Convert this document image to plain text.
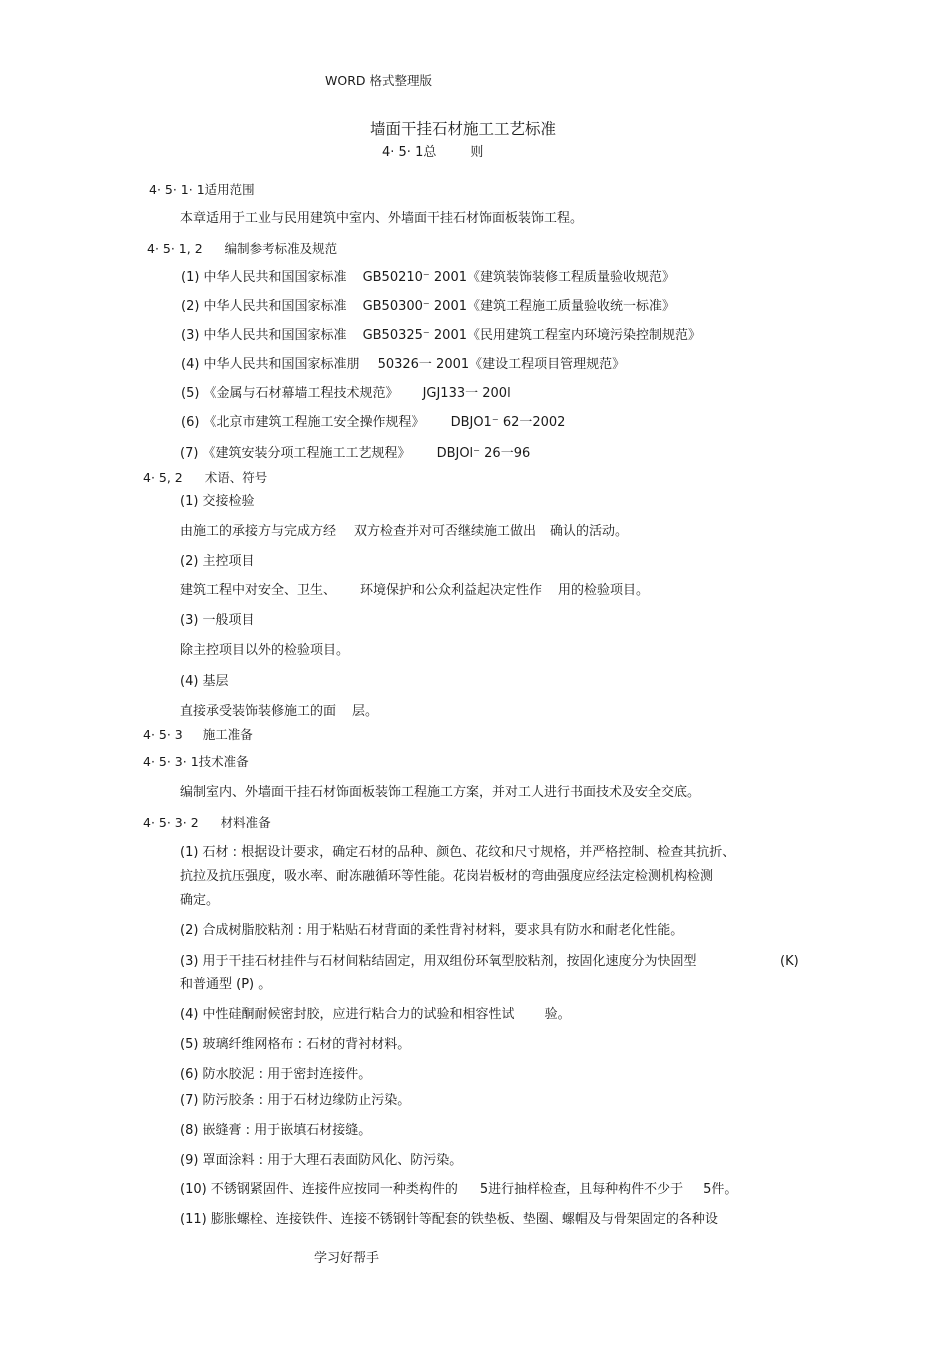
WORD 格式整理版
墙面干挂石材施工工艺标准
4· 5· 1总	则
4· 5· 1· 1适用范围
本章适用于工业与民用建筑中室内、外墙面干挂石材饰面板装饰工程。
4· 5· 1, 2 编制参考标准及规范
(1) 中华人民共和国国家标准 GB50210⁻ 2001《建筑装饰装修工程质量验收规范》
(2) 中华人民共和国国家标准 GB50300⁻ 2001《建筑工程施工质量验收统一标准》
(3) 中华人民共和国国家标准 GB50325⁻ 2001《民用建筑工程室内环境污染控制规范》
(4) 中华人民共和国国家标准朋 50326一 2001《建设工程项目管理规范》
(5) 《金属与石材幕墙工程技术规范》 JGJ133一 200l
(6) 《北京市建筑工程施工安全操作规程》 DBJO1⁻ 62一2002
(7) 《建筑安装分项工程施工工艺规程》 DBJOl⁻ 26一96
4· 5, 2 术语、符号
(1) 交接检验
由施工的承接方与完成方经 双方检查并对可否继续施工做出 确认的活动。
(2) 主控项目
建筑工程中对安全、卫生、 环境保护和公众利益起决定性作 用的检验项目。
(3) 一般项目
除主控项目以外的检验项目。
(4) 基层
直接承受装饰装修施工的面 层。
4· 5· 3 施工准备
4· 5· 3· 1技术准备
编制室内、外墙面干挂石材饰面板装饰工程施工方案，并对工人进行书面技术及安全交底。
4· 5· 3· 2 材料准备
(1) 石材 : 根据设计要求，确定石材的品种、颜色、花纹和尺寸规格，并严格控制、检查其抗折、
抗拉及抗压强度，吸水率、耐冻融循环等性能。花岗岩板材的弯曲强度应经法定检测机构检测
确定。
(2) 合成树脂胶粘剂 : 用于粘贴石材背面的柔性背衬材料，要求具有防水和耐老化性能。
(3) 用于干挂石材挂件与石材间粘结固定，用双组份环氧型胶粘剂，按固化速度分为快固型	(K)
和普通型 (P) 。
(4) 中性硅酮耐候密封胶，应进行粘合力的试验和相容性试 验。
(5) 玻璃纤维网格布 : 石材的背衬材料。
(6) 防水胶泥 : 用于密封连接件。
(7) 防污胶条 : 用于石材边缘防止污染。
(8) 嵌缝膏 : 用于嵌填石材接缝。
(9) 罩面涂料 : 用于大理石表面防风化、防污染。
(10) 不锈钢紧固件、连接件应按同一种类构件的 5进行抽样检查，且每种构件不少于 5件。
(11) 膨胀螺栓、连接铁件、连接不锈钢针等配套的铁垫板、垫圈、螺帽及与骨架固定的各种设
学习好帮手
